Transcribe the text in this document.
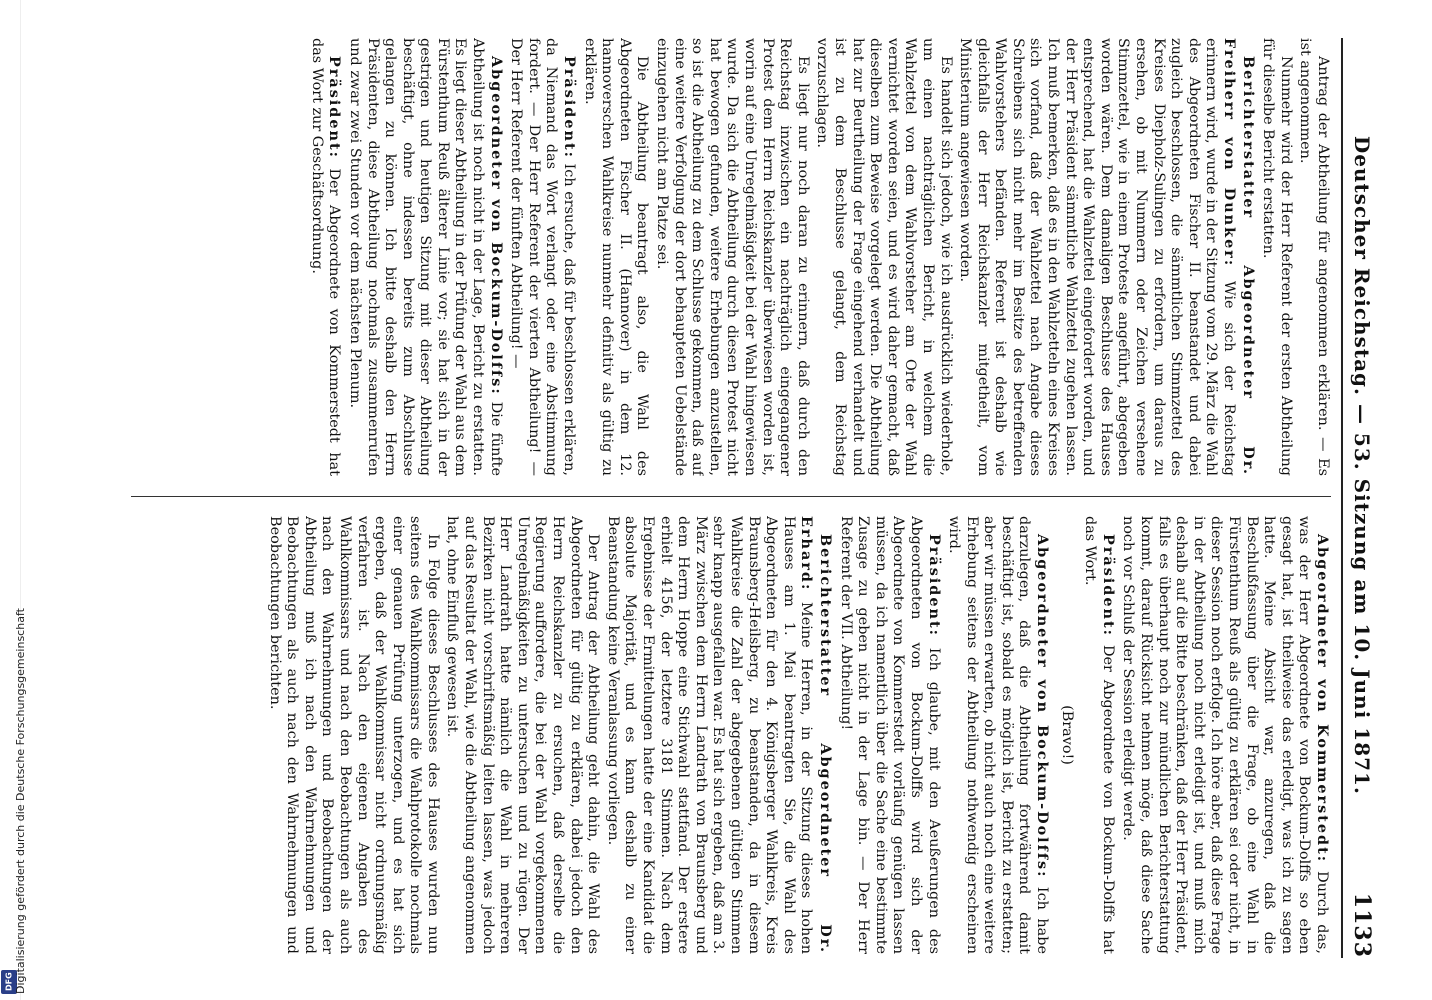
Deutscher Reichstag. — 53. Sitzung am 10. Juni 1871.
1133

Antrag der Abtheilung für angenommen erklären. — Es ist angenommen.

Nunmehr wird der Herr Referent der ersten Abtheilung für dieselbe Bericht erstatten.

Berichterstatter Abgeordneter Dr. Freiherr von Dunker: Wie sich der Reichstag erinnern wird, wurde in der Sitzung vom 29. März die Wahl des Abgeordneten Fischer II. beanstandet und dabei zugleich beschlossen, die sämmtlichen Stimmzettel des Kreises Diepholz-Sulingen zu erfordern, um daraus zu ersehen, ob mit Nummern oder Zeichen versehene Stimmzettel, wie in einem Proteste angeführt, abgegeben worden wären. Dem damaligen Beschlusse des Hauses entsprechend, hat die Wahlzettel eingefordert worden, und der Herr Präsident sämmtliche Wahlzettel zugehen lassen. Ich muß bemerken, daß es in den Wahlzetteln eines Kreises sich vorfand, daß der Wahlzettel nach Angabe dieses Schreibens sich nicht mehr im Besitze des betreffenden Wahlvorstehers befänden. Referent ist deshalb wie gleichfalls der Herr Reichskanzler mitgetheilt, vom Ministerium angewiesen worden.

Es handelt sich jedoch, wie ich ausdrücklich wiederhole, um einen nachträglichen Bericht, in welchem die Wahlzettel von dem Wahlvorsteher am Orte der Wahl vernichtet worden seien, und es wird daher gemacht, daß dieselben zum Beweise vorgelegt werden. Die Abtheilung hat zur Beurtheilung der Frage eingehend verhandelt und ist zu dem Beschlusse gelangt, dem Reichstag vorzuschlagen.

Es liegt nur noch daran zu erinnern, daß durch den Reichstag inzwischen ein nachträglich eingegangener Protest dem Herrn Reichskanzler überwiesen worden ist, worin auf eine Unregelmäßigkeit bei der Wahl hingewiesen wurde. Da sich die Abtheilung durch diesen Protest nicht hat bewogen gefunden, weitere Erhebungen anzustellen, so ist die Abtheilung zu dem Schlusse gekommen, daß auf eine weitere Verfolgung der dort behaupteten Uebelstände einzugehen nicht am Platze sei.

Die Abtheilung beantragt also, die Wahl des Abgeordneten Fischer II. (Hannover) in dem 12. hannoverschen Wahlkreise nunmehr definitiv als gültig zu erklären.

Präsident: Ich ersuche, daß für beschlossen erklären, da Niemand das Wort verlangt oder eine Abstimmung fordert. — Der Herr Referent der vierten Abtheilung! — Der Herr Referent der fünften Abtheilung! —

Abgeordneter von Bockum-Dolffs: Die fünfte Abtheilung ist noch nicht in der Lage, Bericht zu erstatten. Es liegt dieser Abtheilung in der Prüfung der Wahl aus dem Fürstenthum Reuß älterer Linie vor; sie hat sich in der gestrigen und heutigen Sitzung mit dieser Abtheilung beschäftigt, ohne indessen bereits zum Abschlusse gelangen zu können. Ich bitte deshalb den Herrn Präsidenten, diese Abtheilung nochmals zusammenrufen und zwar zwei Stunden vor dem nächsten Plenum.

Präsident: Der Abgeordnete von Kommerstedt hat das Wort zur Geschäftsordnung.

Abgeordneter von Kommerstedt: Durch das, was der Herr Abgeordnete von Bockum-Dolffs so eben gesagt hat, ist theilweise das erledigt, was ich zu sagen hatte. Meine Absicht war, anzuregen, daß die Beschlußfassung über die Frage, ob eine Wahl in Fürstenthum Reuß als gültig zu erklären sei oder nicht, in dieser Session noch erfolge. Ich höre aber, daß diese Frage in der Abtheilung noch nicht erledigt ist, und muß mich deshalb auf die Bitte beschränken, daß der Herr Präsident, falls es überhaupt noch zur mündlichen Berichterstattung kommt, darauf Rücksicht nehmen möge, daß diese Sache noch vor Schluß der Session erledigt werde.

Präsident: Der Abgeordnete von Bockum-Dolffs hat das Wort.

(Bravo!)

Abgeordneter von Bockum-Dolffs: Ich habe darzulegen, daß die Abtheilung fortwährend damit beschäftigt ist, sobald es möglich ist, Bericht zu erstatten; aber wir müssen erwarten, ob nicht auch noch eine weitere Erhebung seitens der Abtheilung nothwendig erscheinen wird.

Präsident: Ich glaube, mit den Aeußerungen des Abgeordneten von Bockum-Dolffs wird sich der Abgeordnete von Kommerstedt vorläufig genügen lassen müssen, da ich namentlich über die Sache eine bestimmte Zusage zu geben nicht in der Lage bin. — Der Herr Referent der VII. Abtheilung!

Berichterstatter Abgeordneter Dr. Erhard: Meine Herren, in der Sitzung dieses hohen Hauses am 1. Mai beantragten Sie, die Wahl des Abgeordneten für den 4. Königsberger Wahlkreis, Kreis Braunsberg-Heilsberg, zu beanstanden, da in diesem Wahlkreise die Zahl der abgegebenen gültigen Stimmen sehr knapp ausgefallen war. Es hat sich ergeben, daß am 3. März zwischen dem Herrn Landrath von Braunsberg und dem Herrn Hoppe eine Stichwahl stattfand. Der erstere erhielt 4156, der letztere 3181 Stimmen. Nach dem Ergebnisse der Ermittelungen hatte der eine Kandidat die absolute Majorität, und es kann deshalb zu einer Beanstandung keine Veranlassung vorliegen.

Der Antrag der Abtheilung geht dahin, die Wahl des Abgeordneten für gültig zu erklären, dabei jedoch den Herrn Reichskanzler zu ersuchen, daß derselbe die Regierung auffordere, die bei der Wahl vorgekommenen Unregelmäßigkeiten zu untersuchen und zu rügen. Der Herr Landrath hatte nämlich die Wahl in mehreren Bezirken nicht vorschriftsmäßig leiten lassen, was jedoch auf das Resultat der Wahl, wie die Abtheilung angenommen hat, ohne Einfluß gewesen ist.

In Folge dieses Beschlusses des Hauses wurden nun seitens des Wahlkommissars die Wahlprotokolle nochmals einer genauen Prüfung unterzogen, und es hat sich ergeben, daß der Wahlkommissar nicht ordnungsmäßig verfahren ist. Nach den eigenen Angaben des Wahlkommissars und nach den Beobachtungen als auch nach den Wahrnehmungen und Beobachtungen der Abtheilung muß ich nach den Wahrnehmungen und Beobachtungen als auch nach den Wahrnehmungen und Beobachtungen berichten.

DFG Digitalisierung gefördert durch die Deutsche Forschungsgemeinschaft
